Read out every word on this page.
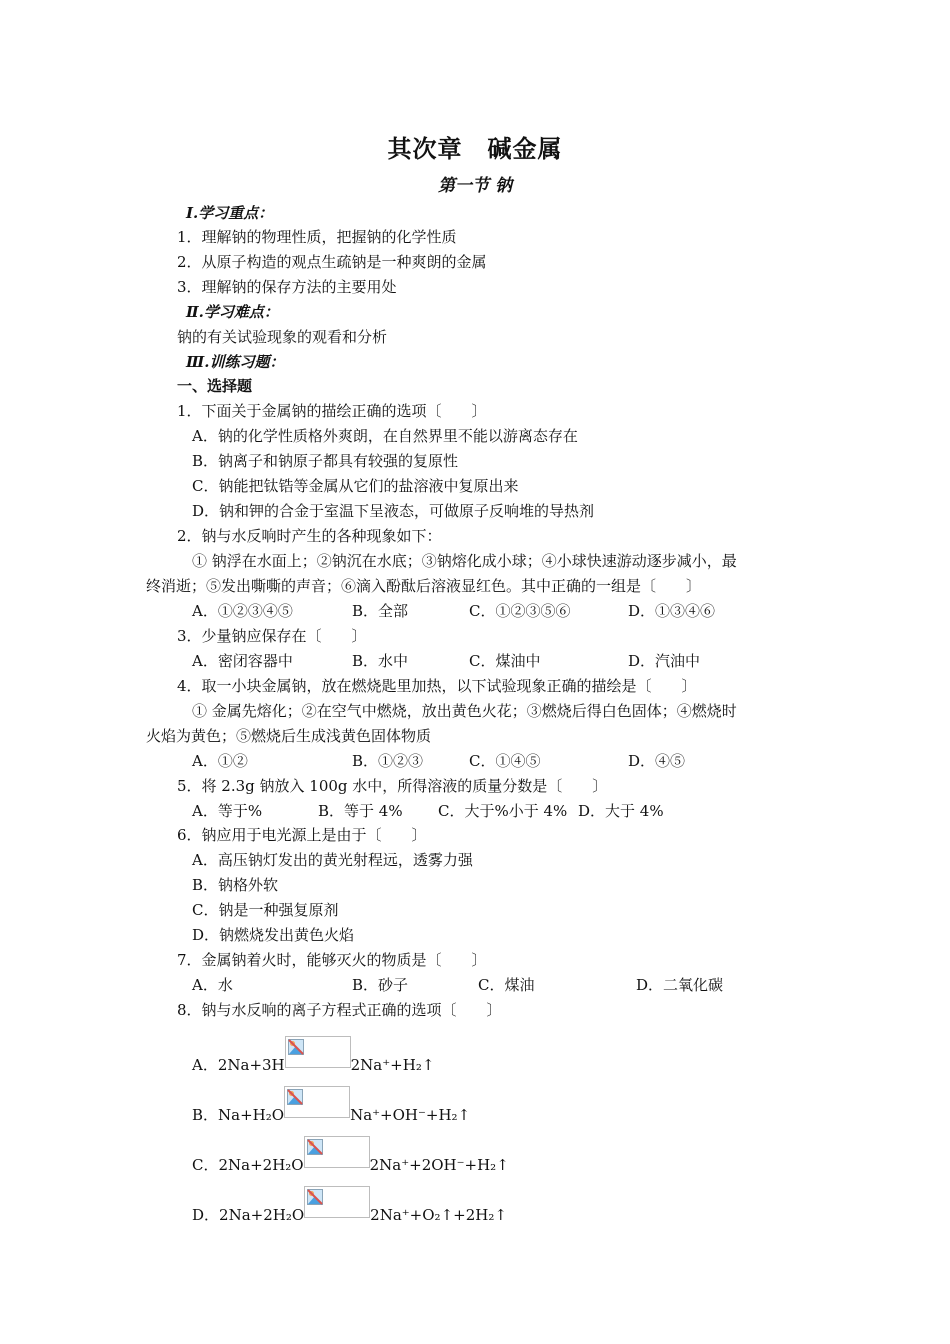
其次章　碱金属
第一节 钠
Ⅰ.学习重点：
1．理解钠的物理性质，把握钠的化学性质
2．从原子构造的观点生疏钠是一种爽朗的金属
3．理解钠的保存方法的主要用处
Ⅱ.学习难点：
钠的有关试验现象的观看和分析
Ⅲ.训练习题：
一、选择题
1．下面关于金属钠的描绘正确的选项〔　　〕
A．钠的化学性质格外爽朗，在自然界里不能以游离态存在
B．钠离子和钠原子都具有较强的复原性
C．钠能把钛锆等金属从它们的盐溶液中复原出来
D．钠和钾的合金于室温下呈液态，可做原子反响堆的导热剂
2．钠与水反响时产生的各种现象如下：
① 钠浮在水面上；②钠沉在水底；③钠熔化成小球；④小球快速游动逐步减小，最
终消逝；⑤发出嘶嘶的声音；⑥滴入酚酞后溶液显红色。其中正确的一组是〔　　〕
A．①②③④⑤	B．全部	C．①②③⑤⑥	D．①③④⑥
3．少量钠应保存在〔　　〕
A．密闭容器中	B．水中	C．煤油中	D．汽油中
4．取一小块金属钠，放在燃烧匙里加热，以下试验现象正确的描绘是〔　　〕
① 金属先熔化；②在空气中燃烧，放出黄色火花；③燃烧后得白色固体；④燃烧时
火焰为黄色；⑤燃烧后生成浅黄色固体物质
A．①②	B．①②③	C．①④⑤	D．④⑤
5．将 2.3g 钠放入 100g 水中，所得溶液的质量分数是〔　　〕
A．等于%	B．等于 4% C．大于%小于 4% D．大于 4%
6．钠应用于电光源上是由于〔　　〕
A．高压钠灯发出的黄光射程远，透雾力强
B．钠格外软
C．钠是一种强复原剂
D．钠燃烧发出黄色火焰
7．金属钠着火时，能够灭火的物质是〔　　〕
A．水	B．砂子	C．煤油	D．二氧化碳
8．钠与水反响的离子方程式正确的选项〔　　〕
A．2Na+3H	2Na⁺+H₂↑
B．Na+H₂O	Na⁺+OH⁻+H₂↑
C．2Na+2H₂O	2Na⁺+2OH⁻+H₂↑
D．2Na+2H₂O	2Na⁺+O₂↑+2H₂↑
